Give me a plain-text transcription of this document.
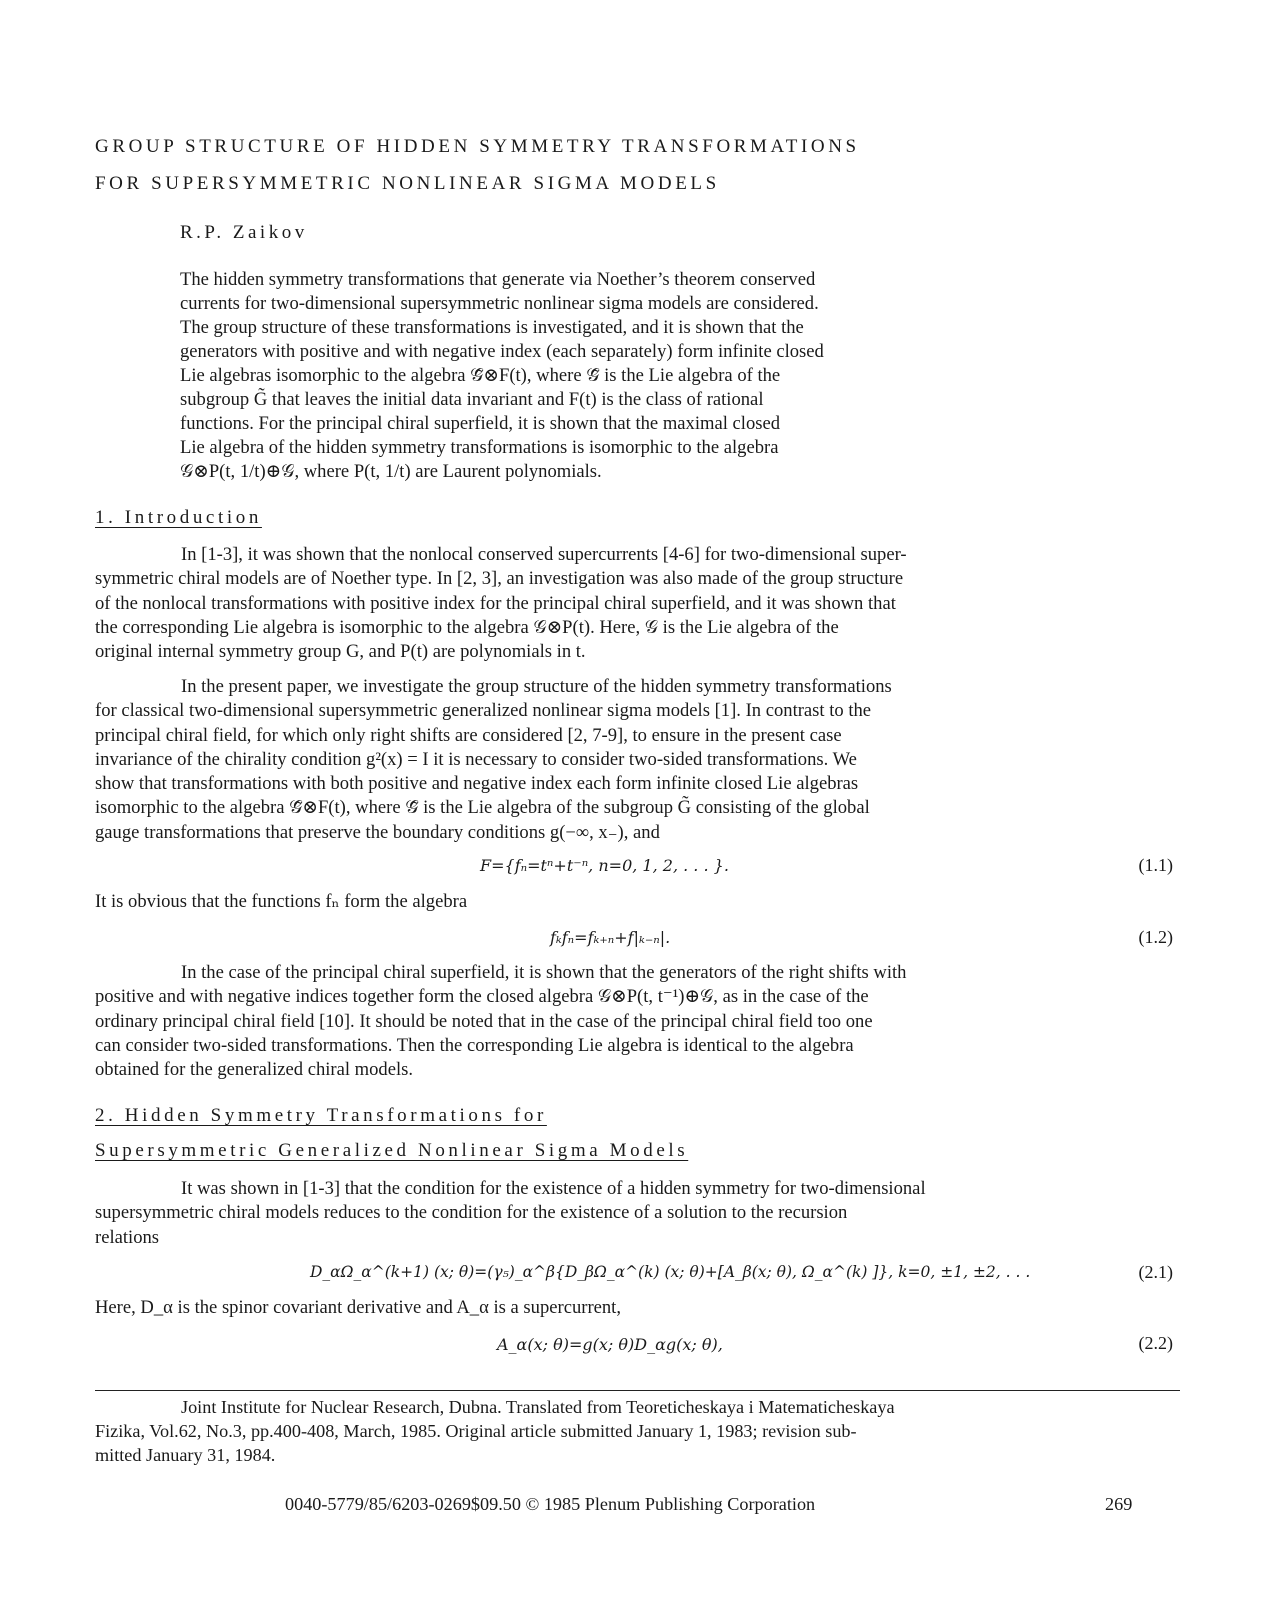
GROUP STRUCTURE OF HIDDEN SYMMETRY TRANSFORMATIONS
FOR SUPERSYMMETRIC NONLINEAR SIGMA MODELS
R.P. Zaikov

The hidden symmetry transformations that generate via Noether’s theorem conserved

currents for two-dimensional supersymmetric nonlinear sigma models are considered.

The group structure of these transformations is investigated, and it is shown that the

generators with positive and with negative index (each separately) form infinite closed

Lie algebras isomorphic to the algebra 𝒢̃⊗F(t), where 𝒢̃ is the Lie algebra of the

subgroup G̃ that leaves the initial data invariant and F(t) is the class of rational

functions. For the principal chiral superfield, it is shown that the maximal closed

Lie algebra of the hidden symmetry transformations is isomorphic to the algebra

𝒢⊗P(t, 1/t)⊕𝒢, where P(t, 1/t) are Laurent polynomials.

1. Introduction

In [1-3], it was shown that the nonlocal conserved supercurrents [4-6] for two-dimensional super-

symmetric chiral models are of Noether type. In [2, 3], an investigation was also made of the group structure

of the nonlocal transformations with positive index for the principal chiral superfield, and it was shown that

the corresponding Lie algebra is isomorphic to the algebra 𝒢⊗P(t). Here, 𝒢 is the Lie algebra of the

original internal symmetry group G, and P(t) are polynomials in t.

In the present paper, we investigate the group structure of the hidden symmetry transformations

for classical two-dimensional supersymmetric generalized nonlinear sigma models [1]. In contrast to the

principal chiral field, for which only right shifts are considered [2, 7-9], to ensure in the present case

invariance of the chirality condition g²(x) = I it is necessary to consider two-sided transformations. We

show that transformations with both positive and negative index each form infinite closed Lie algebras

isomorphic to the algebra 𝒢̃⊗F(t), where 𝒢̃ is the Lie algebra of the subgroup G̃ consisting of the global

gauge transformations that preserve the boundary conditions g(−∞, x₋), and

F={fₙ=tⁿ+t⁻ⁿ, n=0, 1, 2, . . . }.	(1.1)

It is obvious that the functions fₙ form the algebra

fₖfₙ=fₖ₊ₙ+f|ₖ₋ₙ|.	(1.2)

In the case of the principal chiral superfield, it is shown that the generators of the right shifts with

positive and with negative indices together form the closed algebra 𝒢⊗P(t, t⁻¹)⊕𝒢, as in the case of the

ordinary principal chiral field [10]. It should be noted that in the case of the principal chiral field too one

can consider two-sided transformations. Then the corresponding Lie algebra is identical to the algebra

obtained for the generalized chiral models.

2. Hidden Symmetry Transformations for
Supersymmetric Generalized Nonlinear Sigma Models

It was shown in [1-3] that the condition for the existence of a hidden symmetry for two-dimensional

supersymmetric chiral models reduces to the condition for the existence of a solution to the recursion

relations

D_αΩ_α^(k+1) (x; θ)=(γ₅)_α^β{D_βΩ_α^(k) (x; θ)+[A_β(x; θ), Ω_α^(k) ]}, k=0, ±1, ±2, . . .	(2.1)

Here, D_α is the spinor covariant derivative and A_α is a supercurrent,

A_α(x; θ)=g(x; θ)D_αg(x; θ),	(2.2)

Joint Institute for Nuclear Research, Dubna. Translated from Teoreticheskaya i Matematicheskaya

Fizika, Vol.62, No.3, pp.400-408, March, 1985. Original article submitted January 1, 1983; revision sub-

mitted January 31, 1984.

0040-5779/85/6203-0269$09.50 © 1985 Plenum Publishing Corporation	269
